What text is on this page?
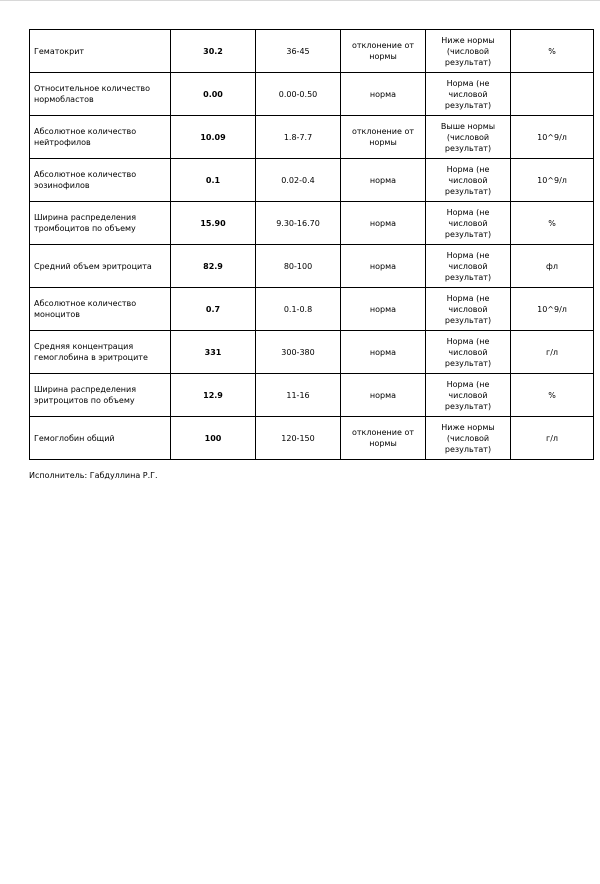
Гематокрит	30.2	36-45	отклонение от нормы	Ниже нормы (числовой результат)	%
Относительное количество нормобластов	0.00	0.00-0.50	норма	Норма (не числовой результат)	
Абсолютное количество нейтрофилов	10.09	1.8-7.7	отклонение от нормы	Выше нормы (числовой результат)	10^9/л
Абсолютное количество эозинофилов	0.1	0.02-0.4	норма	Норма (не числовой результат)	10^9/л
Ширина распределения тромбоцитов по объему	15.90	9.30-16.70	норма	Норма (не числовой результат)	%
Средний объем эритроцита	82.9	80-100	норма	Норма (не числовой результат)	фл
Абсолютное количество моноцитов	0.7	0.1-0.8	норма	Норма (не числовой результат)	10^9/л
Средняя концентрация гемоглобина в эритроците	331	300-380	норма	Норма (не числовой результат)	г/л
Ширина распределения эритроцитов по объему	12.9	11-16	норма	Норма (не числовой результат)	%
Гемоглобин общий	100	120-150	отклонение от нормы	Ниже нормы (числовой результат)	г/л
Исполнитель: Габдуллина Р.Г.
